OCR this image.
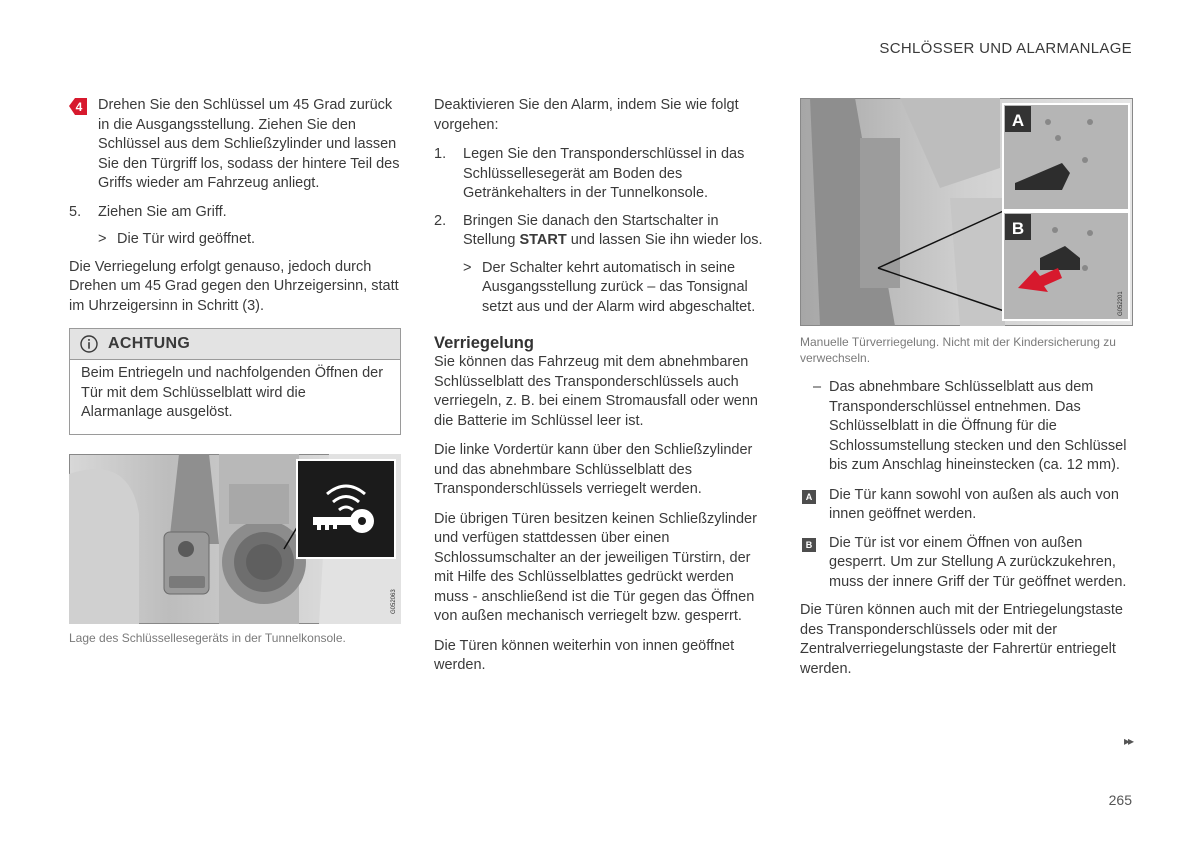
SCHLÖSSER UND ALARMANLAGE
4 Drehen Sie den Schlüssel um 45 Grad zurück in die Ausgangsstellung. Ziehen Sie den Schlüssel aus dem Schließzylinder und lassen Sie den Türgriff los, sodass der hintere Teil des Griffs wieder am Fahrzeug anliegt.
5. Ziehen Sie am Griff.
> Die Tür wird geöffnet.

Die Verriegelung erfolgt genauso, jedoch durch Drehen um 45 Grad gegen den Uhrzeigersinn, statt im Uhrzeigersinn in Schritt (3).

ACHTUNG
Beim Entriegeln und nachfolgenden Öffnen der Tür mit dem Schlüsselblatt wird die Alarmanlage ausgelöst.
G052063
Lage des Schlüssellesegeräts in der Tunnelkonsole.

Deaktivieren Sie den Alarm, indem Sie wie folgt vorgehen:

1. Legen Sie den Transponderschlüssel in das Schlüssellesegerät am Boden des Getränkehalters in der Tunnelkonsole.
2. Bringen Sie danach den Startschalter in Stellung START und lassen Sie ihn wieder los.
> Der Schalter kehrt automatisch in seine Ausgangsstellung zurück – das Tonsignal setzt aus und der Alarm wird abgeschaltet.
Verriegelung

Sie können das Fahrzeug mit dem abnehmbaren Schlüsselblatt des Transponderschlüssels auch verriegeln, z. B. bei einem Stromausfall oder wenn die Batterie im Schlüssel leer ist.

Die linke Vordertür kann über den Schließzylinder und das abnehmbare Schlüsselblatt des Transponderschlüssels verriegelt werden.

Die übrigen Türen besitzen keinen Schließzylinder und verfügen stattdessen über einen Schlossumschalter an der jeweiligen Türstirn, der mit Hilfe des Schlüsselblattes gedrückt werden muss - anschließend ist die Tür gegen das Öffnen von außen mechanisch verriegelt bzw. gesperrt.

Die Türen können weiterhin von innen geöffnet werden.

A
B
G052201
Manuelle Türverriegelung. Nicht mit der Kindersicherung zu verwechseln.
– Das abnehmbare Schlüsselblatt aus dem Transponderschlüssel entnehmen. Das Schlüsselblatt in die Öffnung für die Schlossumstellung stecken und den Schlüssel bis zum Anschlag hineinstecken (ca. 12 mm).
A Die Tür kann sowohl von außen als auch von innen geöffnet werden.
B Die Tür ist vor einem Öffnen von außen gesperrt. Um zur Stellung A zurückzukehren, muss der innere Griff der Tür geöffnet werden.

Die Türen können auch mit der Entriegelungstaste des Transponderschlüssels oder mit der Zentralverriegelungstaste der Fahrertür entriegelt werden.

▸▸
265
